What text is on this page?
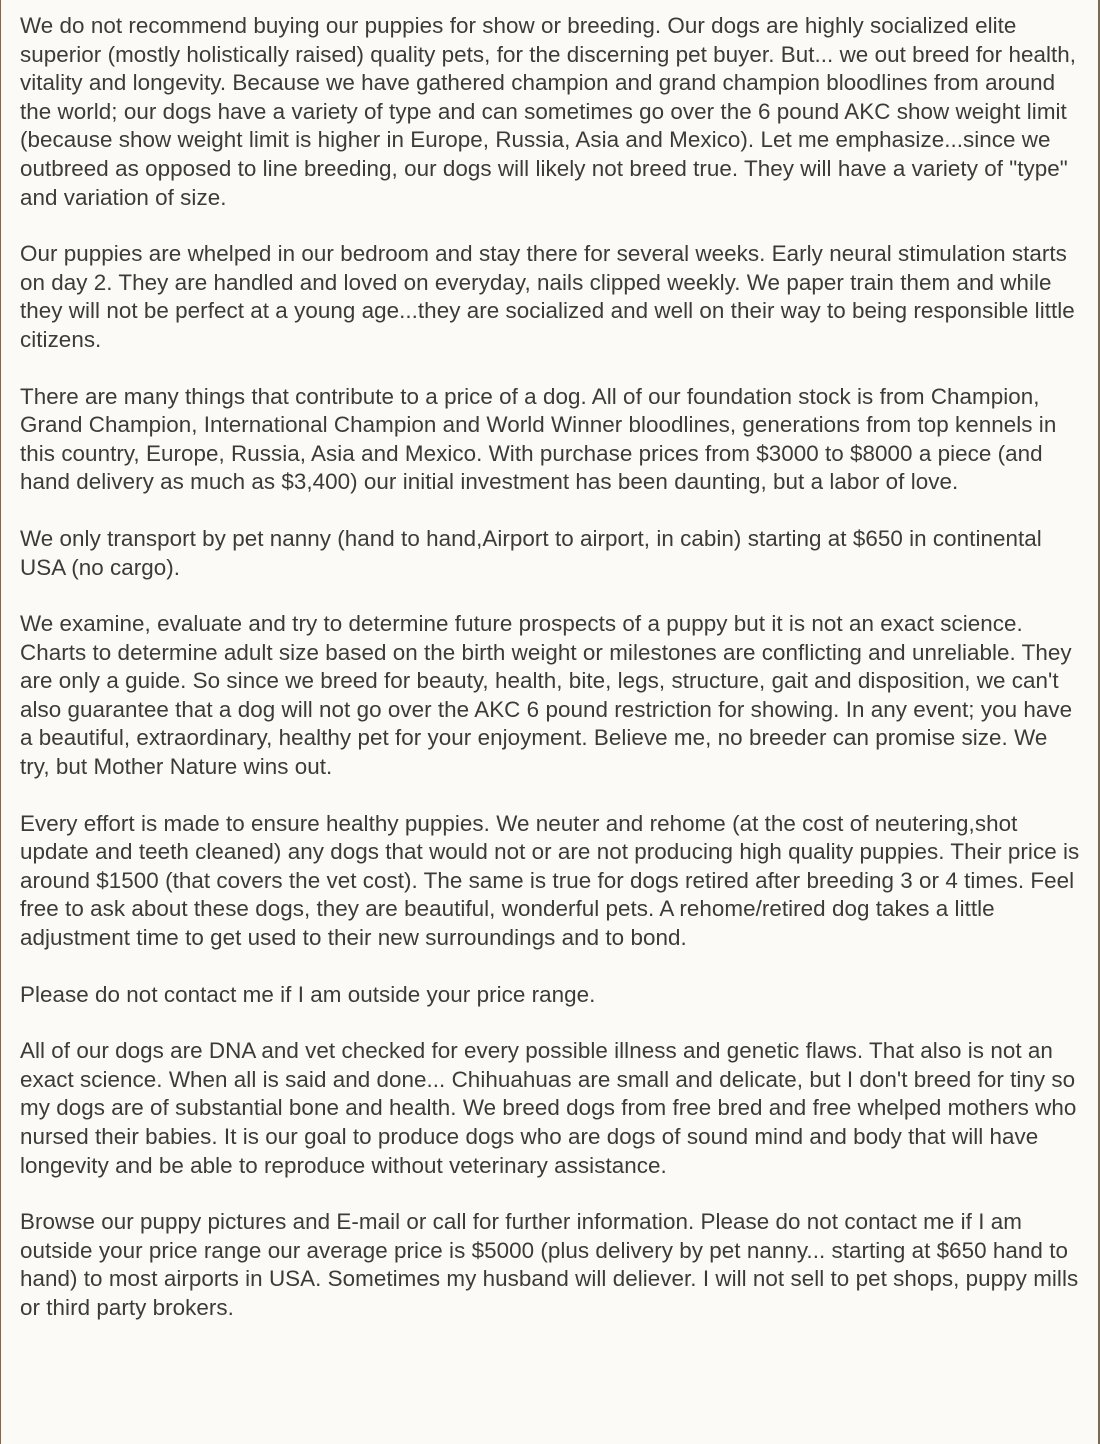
We do not recommend buying our puppies for show or breeding. Our dogs are highly socialized elite superior (mostly holistically raised) quality pets, for the discerning pet buyer. But... we out breed for health, vitality and longevity. Because we have gathered champion and grand champion bloodlines from around the world; our dogs have a variety of type and can sometimes go over the 6 pound AKC show weight limit (because show weight limit is higher in Europe, Russia, Asia and Mexico). Let me emphasize...since we outbreed as opposed to line breeding, our dogs will likely not breed true. They will have a variety of "type" and variation of size.

Our puppies are whelped in our bedroom and stay there for several weeks. Early neural stimulation starts on day 2. They are handled and loved on everyday, nails clipped weekly. We paper train them and while they will not be perfect at a young age...they are socialized and well on their way to being responsible little citizens.

There are many things that contribute to a price of a dog. All of our foundation stock is from Champion, Grand Champion, International Champion and World Winner bloodlines, generations from top kennels in this country, Europe, Russia, Asia and Mexico. With purchase prices from $3000 to $8000 a piece (and hand delivery as much as $3,400) our initial investment has been daunting, but a labor of love.

We only transport by pet nanny (hand to hand,Airport to airport, in cabin) starting at $650 in continental USA (no cargo).

We examine, evaluate and try to determine future prospects of a puppy but it is not an exact science. Charts to determine adult size based on the birth weight or milestones are conflicting and unreliable. They are only a guide. So since we breed for beauty, health, bite, legs, structure, gait and disposition, we can't also guarantee that a dog will not go over the AKC 6 pound restriction for showing. In any event; you have a beautiful, extraordinary, healthy pet for your enjoyment. Believe me, no breeder can promise size. We try, but Mother Nature wins out.

Every effort is made to ensure healthy puppies. We neuter and rehome (at the cost of neutering,shot update and teeth cleaned) any dogs that would not or are not producing high quality puppies. Their price is around $1500 (that covers the vet cost). The same is true for dogs retired after breeding 3 or 4 times. Feel free to ask about these dogs, they are beautiful, wonderful pets. A rehome/retired dog takes a little adjustment time to get used to their new surroundings and to bond.

Please do not contact me if I am outside your price range.

All of our dogs are DNA and vet checked for every possible illness and genetic flaws. That also is not an exact science. When all is said and done... Chihuahuas are small and delicate, but I don't breed for tiny so my dogs are of substantial bone and health. We breed dogs from free bred and free whelped mothers who nursed their babies. It is our goal to produce dogs who are dogs of sound mind and body that will have longevity and be able to reproduce without veterinary assistance.

Browse our puppy pictures and E-mail or call for further information. Please do not contact me if I am outside your price range our average price is $5000 (plus delivery by pet nanny... starting at $650 hand to hand) to most airports in USA. Sometimes my husband will deliever. I will not sell to pet shops, puppy mills or third party brokers.
